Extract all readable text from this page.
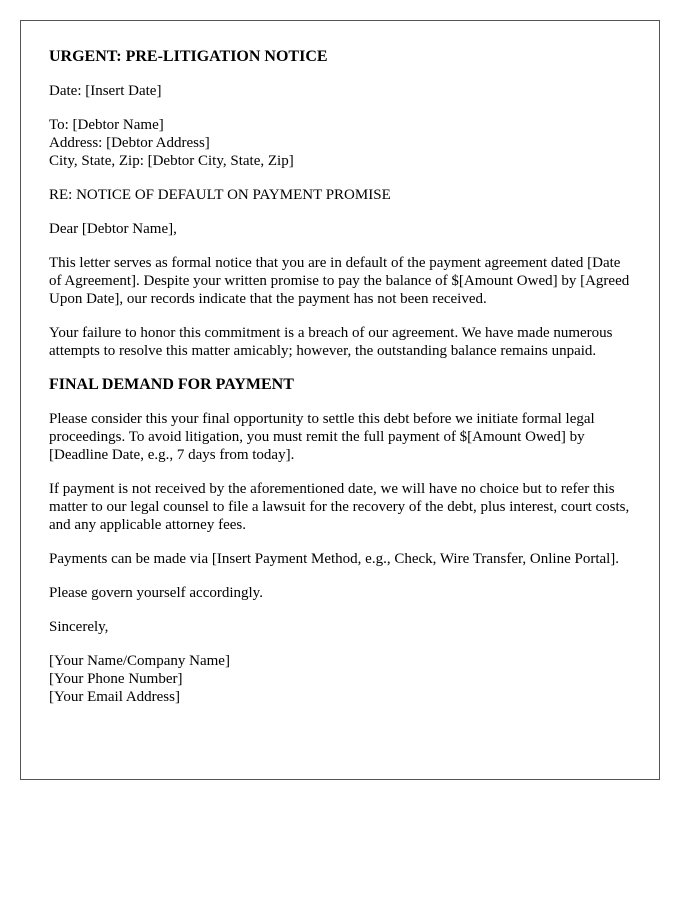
URGENT: PRE-LITIGATION NOTICE

Date: [Insert Date]

To: [Debtor Name]
Address: [Debtor Address]
City, State, Zip: [Debtor City, State, Zip]

RE: NOTICE OF DEFAULT ON PAYMENT PROMISE

Dear [Debtor Name],

This letter serves as formal notice that you are in default of the payment agreement dated [Date of Agreement]. Despite your written promise to pay the balance of $[Amount Owed] by [Agreed Upon Date], our records indicate that the payment has not been received.

Your failure to honor this commitment is a breach of our agreement. We have made numerous attempts to resolve this matter amicably; however, the outstanding balance remains unpaid.

FINAL DEMAND FOR PAYMENT

Please consider this your final opportunity to settle this debt before we initiate formal legal proceedings. To avoid litigation, you must remit the full payment of $[Amount Owed] by [Deadline Date, e.g., 7 days from today].

If payment is not received by the aforementioned date, we will have no choice but to refer this matter to our legal counsel to file a lawsuit for the recovery of the debt, plus interest, court costs, and any applicable attorney fees.

Payments can be made via [Insert Payment Method, e.g., Check, Wire Transfer, Online Portal].

Please govern yourself accordingly.

Sincerely,

[Your Name/Company Name]
[Your Phone Number]
[Your Email Address]
